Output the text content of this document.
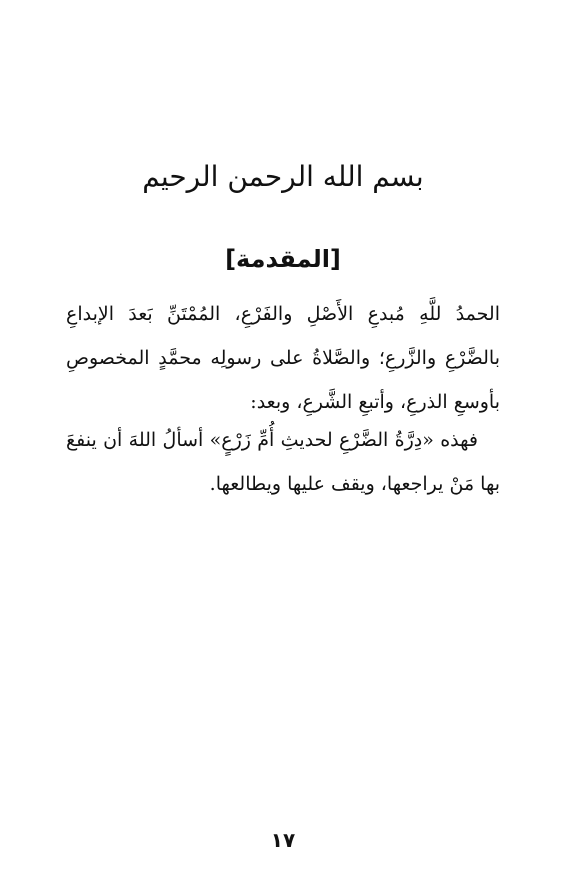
بسم الله الرحمن الرحيم
[المقدمة]

الحمدُ للَّهِ مُبدعِ الأَصْلِ والفَرْعِ، المُمْتَنِّ بَعدَ الإبداعِ بالضَّرْعِ والزَّرعِ؛ والصَّلاةُ على رسولِه محمَّدٍ المخصوصِ بأوسعِ الذرعِ، وأتبعِ الشَّرعِ، وبعد:

فهذه «دِرَّةُ الضَّرْعِ لحديثِ أُمِّ زَرْعٍ» أسألُ اللهَ أن ينفعَ بها مَنْ يراجعها، ويقف عليها ويطالعها.

١٧
